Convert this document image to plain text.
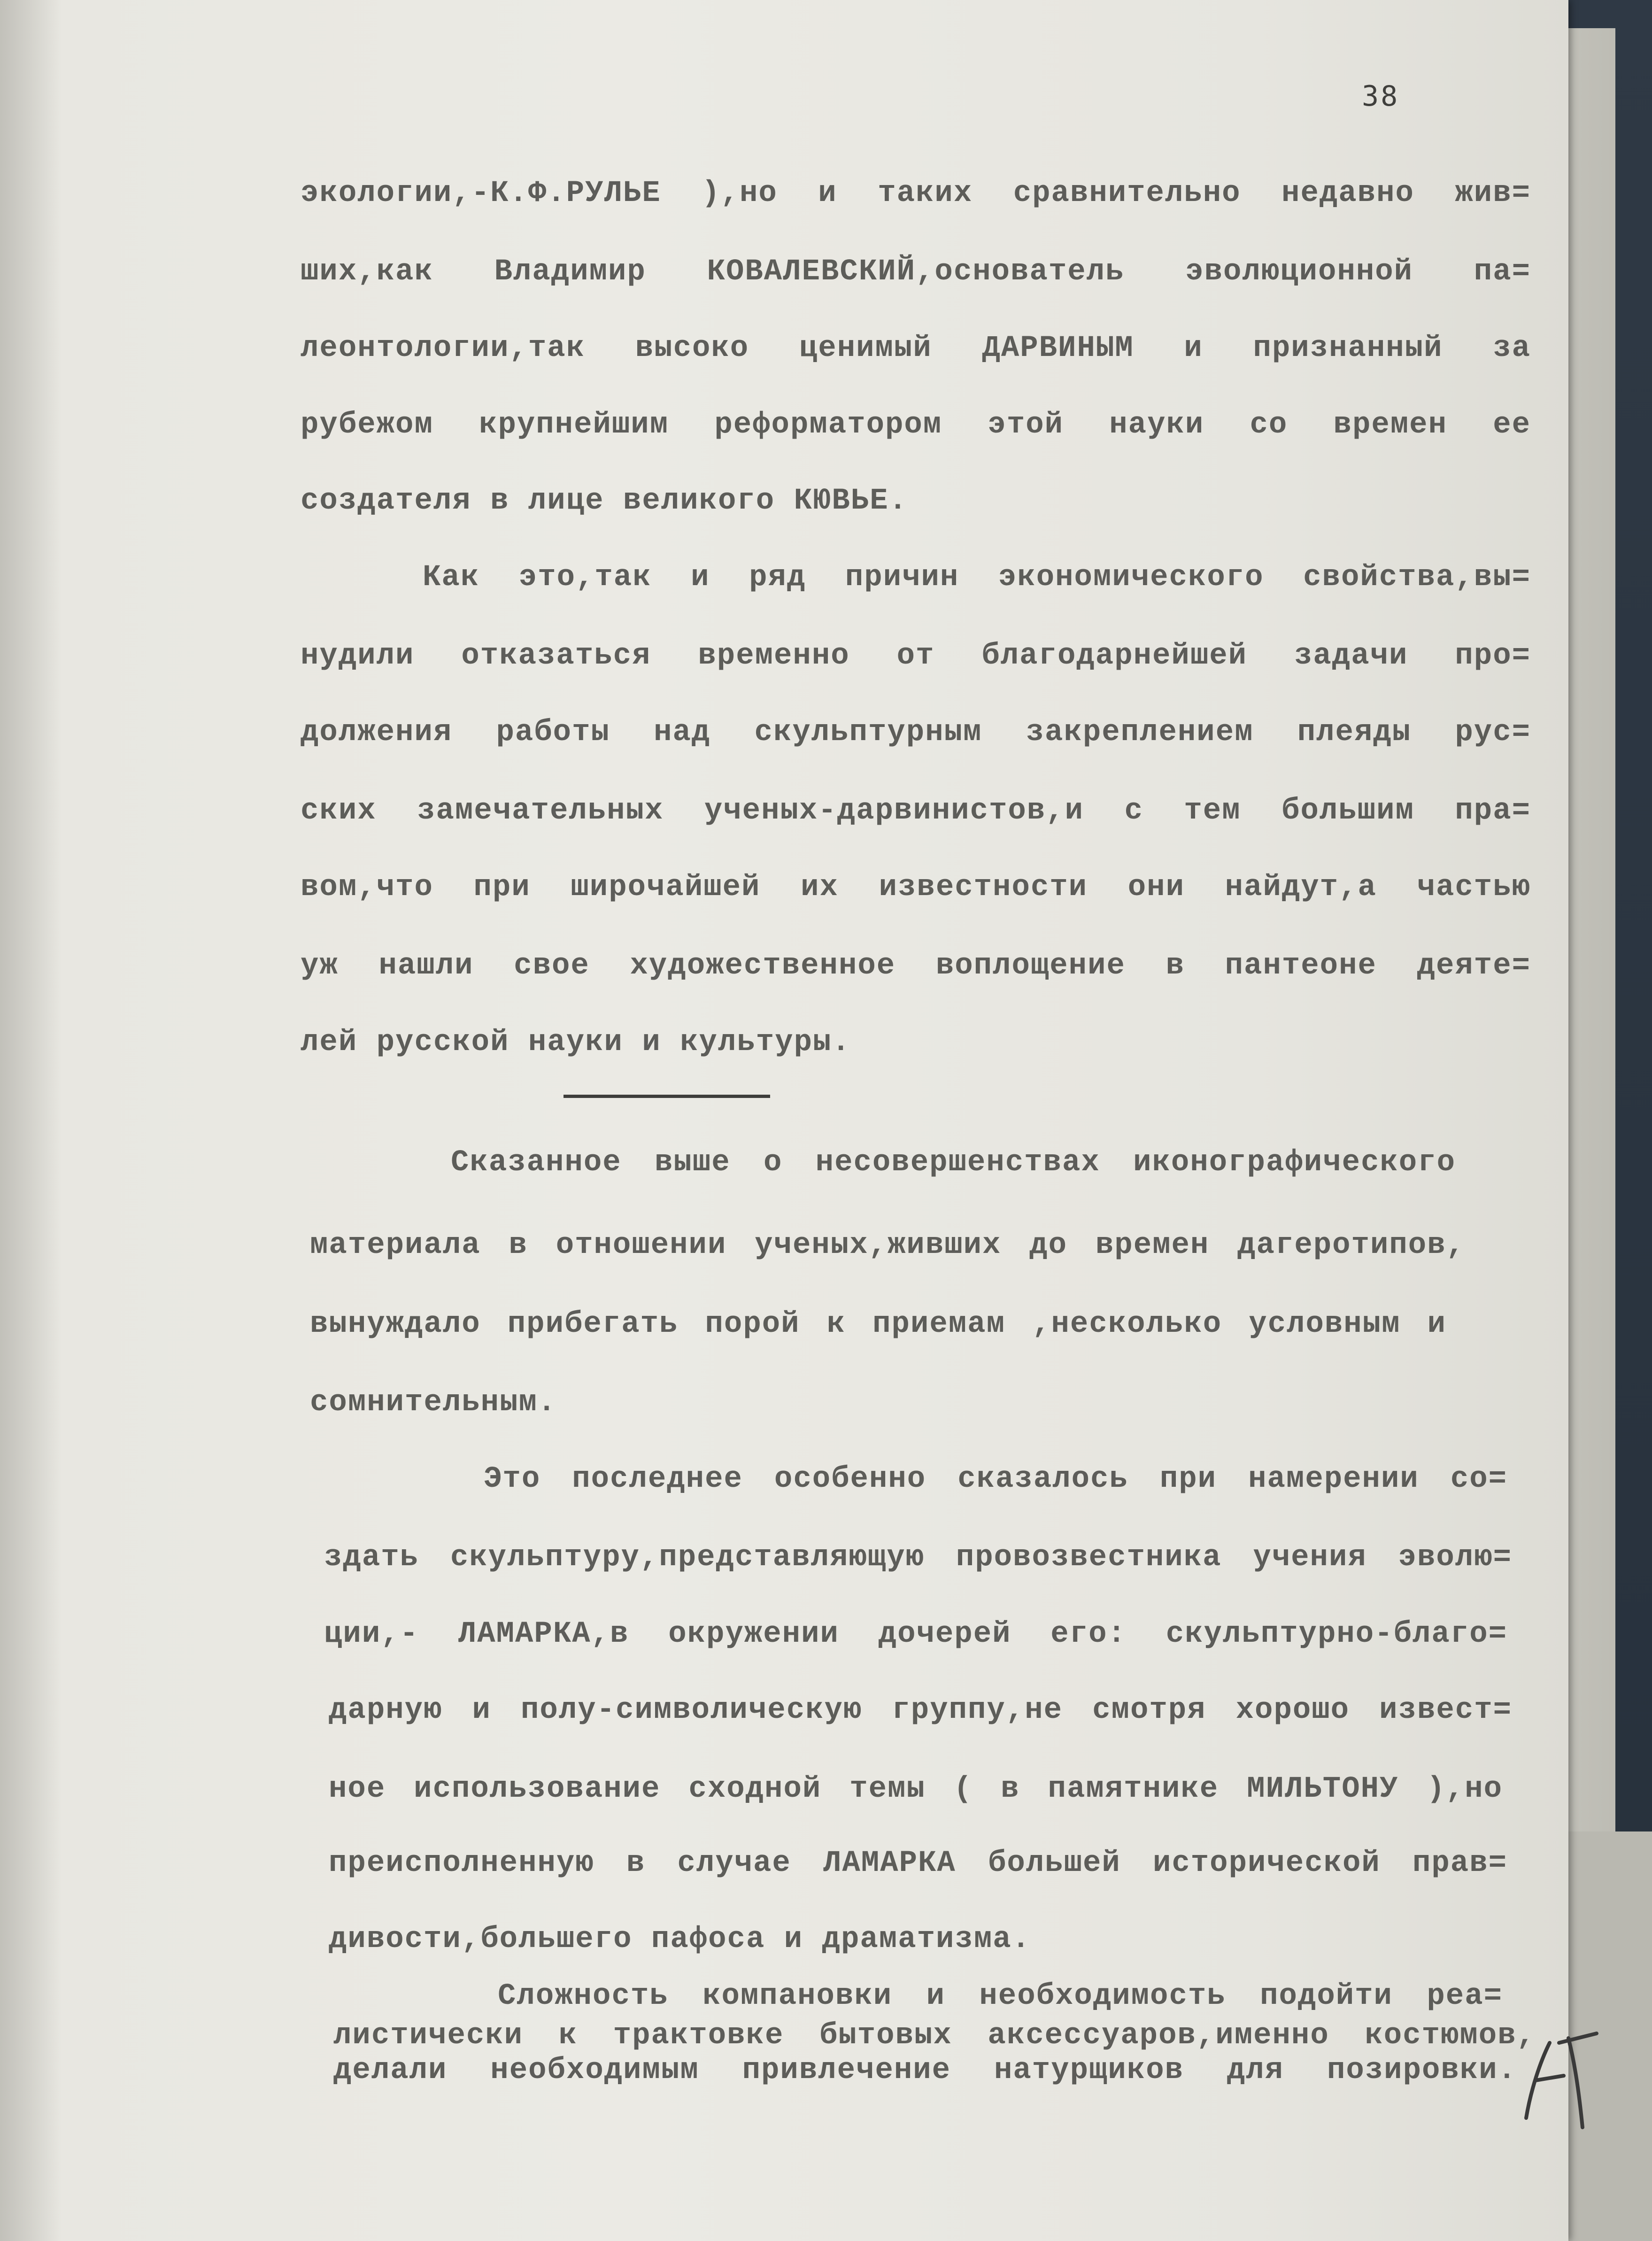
38
экологии,-К.Ф.РУЛЬЕ ),но и таких сравнительно недавно жив=
ших,как Владимир КОВАЛЕВСКИЙ,основатель эволюционной па=
леонтологии,так высоко ценимый ДАРВИНЫМ и признанный за
рубежом крупнейшим реформатором этой науки со времен ее
создателя в лице великого КЮВЬЕ.
Как это,так и ряд причин экономического свойства,вы=
нудили отказаться временно от благодарнейшей задачи про=
должения работы над скульптурным закреплением плеяды рус=
ских замечательных ученых-дарвинистов,и с тем большим пра=
вом,что при широчайшей их известности они найдут,а частью
уж нашли свое художественное воплощение в пантеоне деяте=
лей русской науки и культуры.
Сказанное выше о несовершенствах иконографического
материала в отношении ученых,живших до времен дагеротипов,
вынуждало прибегать порой к приемам ,несколько условным и
сомнительным.
Это последнее особенно сказалось при намерении со=
здать скульптуру,представляющую провозвестника учения эволю=
ции,- ЛАМАРКА,в окружении дочерей его: скульптурно-благо=
дарную и полу-символическую группу,не смотря хорошо извест=
ное использование сходной темы ( в памятнике МИЛЬТОНУ ),но
преисполненную в случае ЛАМАРКА большей исторической прав=
дивости,большего пафоса и драматизма.
Сложность компановки и необходимость подойти реа=
листически к трактовке бытовых аксессуаров,именно костюмов,
делали необходимым привлечение натурщиков для позировки.
